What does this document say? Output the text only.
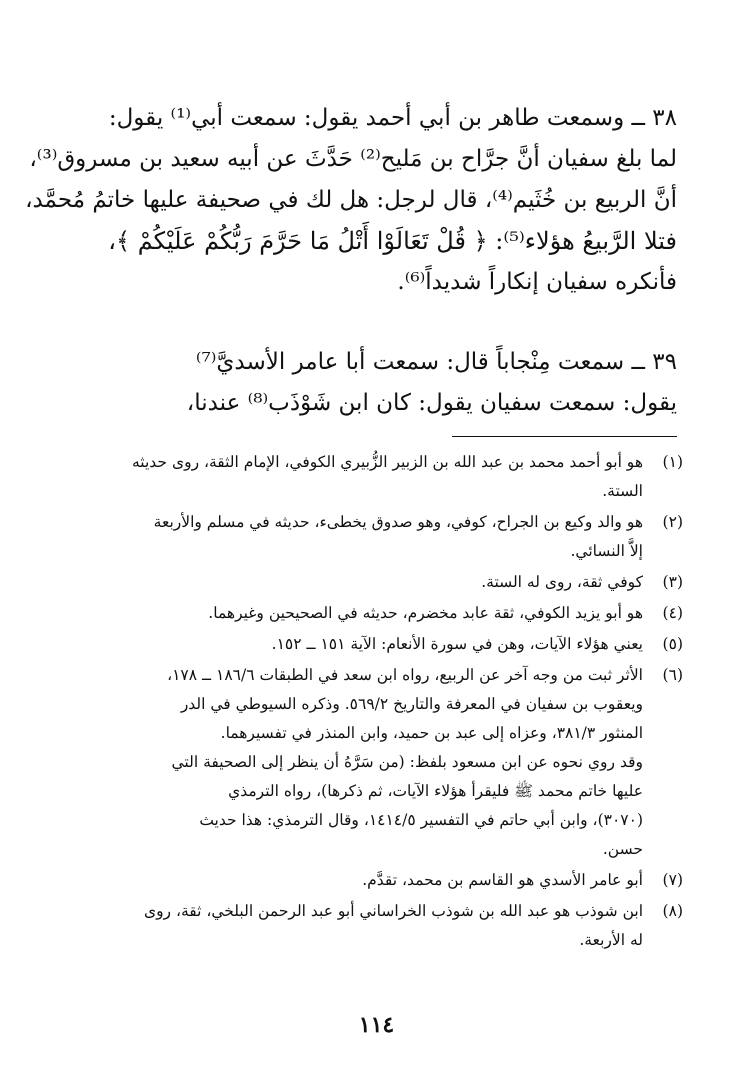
٣٨ ــ وسمعت طاهر بن أبي أحمد يقول: سمعت أبي⁽¹⁾ يقول:
لما بلغ سفيان أنَّ جرَّاح بن مَليح⁽²⁾ حَدَّثَ عن أبيه سعيد بن مسروق⁽³⁾،
أنَّ الربيع بن خُثَيم⁽⁴⁾، قال لرجل: هل لك في صحيفة عليها خاتمُ مُحمَّد،
فتلا الرَّبيعُ هؤلاء⁽⁵⁾: ﴿ قُلْ تَعَالَوْا أَتْلُ مَا حَرَّمَ رَبُّكُمْ عَلَيْكُمْ ﴾،
فأنكره سفيان إنكاراً شديداً⁽⁶⁾.
٣٩ ــ سمعت مِنْجاباً قال: سمعت أبا عامر الأسديَّ⁽⁷⁾
يقول: سمعت سفيان يقول: كان ابن شَوْذَب⁽⁸⁾ عندنا،
(١)
هو أبو أحمد محمد بن عبد الله بن الزبير الزُّبيري الكوفي، الإمام الثقة، روى حديثه
الستة.
(٢)
هو والد وكيع بن الجراح، كوفي، وهو صدوق يخطىء، حديثه في مسلم والأربعة
إلاَّ النسائي.
(٣)
كوفي ثقة، روى له الستة.
(٤)
هو أبو يزيد الكوفي، ثقة عابد مخضرم، حديثه في الصحيحين وغيرهما.
(٥)
يعني هؤلاء الآيات، وهن في سورة الأنعام: الآية ١٥١ ــ ١٥٢.
(٦)
الأثر ثبت من وجه آخر عن الربيع، رواه ابن سعد في الطبقات ١٨٦/٦ ــ ١٧٨،
ويعقوب بن سفيان في المعرفة والتاريخ ٥٦٩/٢. وذكره السيوطي في الدر
المنثور ٣٨١/٣، وعزاه إلى عبد بن حميد، وابن المنذر في تفسيرهما.
وقد روي نحوه عن ابن مسعود بلفظ: (من سَرَّهُ أن ينظر إلى الصحيفة التي
عليها خاتم محمد ﷺ فليقرأ هؤلاء الآيات، ثم ذكرها)، رواه الترمذي
(٣٠٧٠)، وابن أبي حاتم في التفسير ١٤١٤/٥، وقال الترمذي: هذا حديث
حسن.
(٧)
أبو عامر الأسدي هو القاسم بن محمد، تقدَّم.
(٨)
ابن شوذب هو عبد الله بن شوذب الخراساني أبو عبد الرحمن البلخي، ثقة، روى
له الأربعة.
١١٤
